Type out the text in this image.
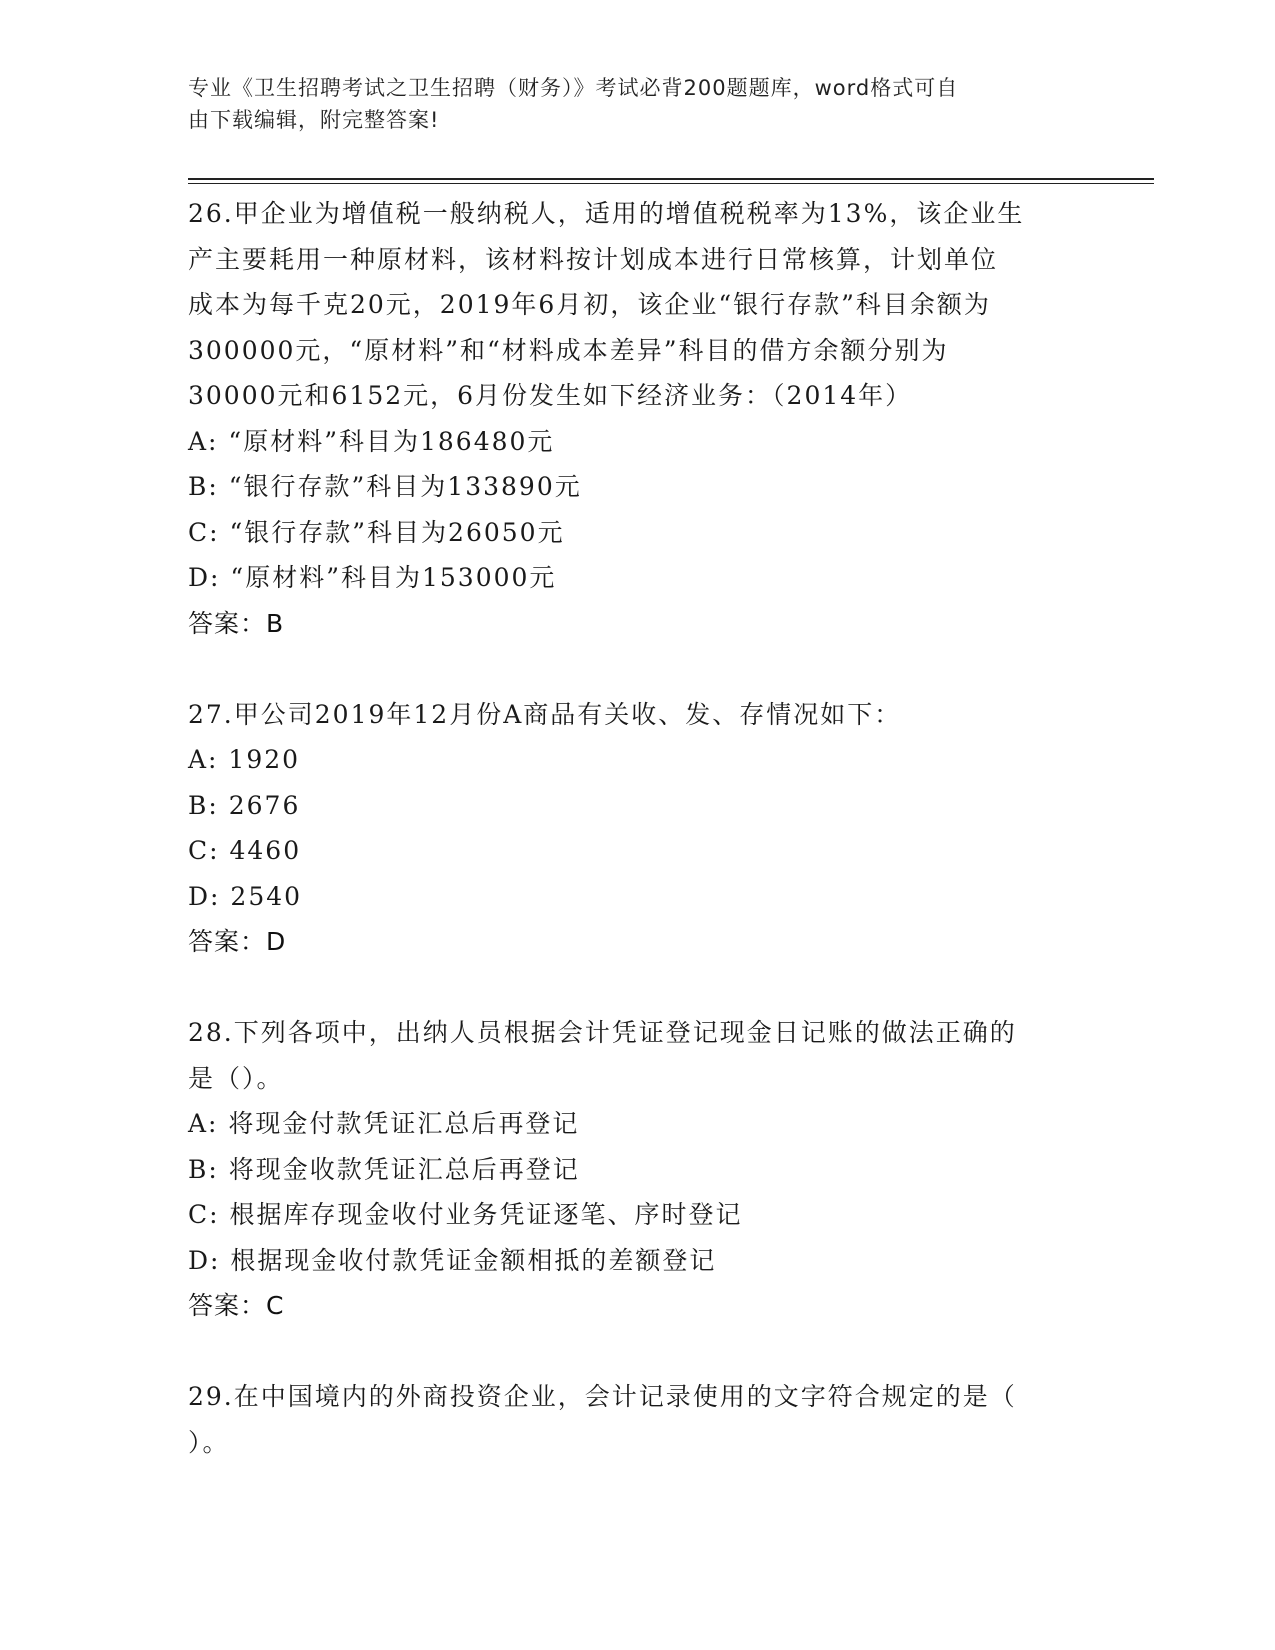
专业《卫生招聘考试之卫生招聘（财务）》考试必背200题题库，word格式可自
由下载编辑，附完整答案!
26.甲企业为增值税一般纳税人，适用的增值税税率为13%，该企业生
产主要耗用一种原材料，该材料按计划成本进行日常核算，计划单位
成本为每千克20元，2019年6月初，该企业“银行存款”科目余额为
300000元，“原材料”和“材料成本差异”科目的借方余额分别为
30000元和6152元，6月份发生如下经济业务：（2014年）
A: “原材料”科目为186480元
B: “银行存款”科目为133890元
C: “银行存款”科目为26050元
D: “原材料”科目为153000元
答案：B
27.甲公司2019年12月份A商品有关收、发、存情况如下：
A: 1920
B: 2676
C: 4460
D: 2540
答案：D
28.下列各项中，出纳人员根据会计凭证登记现金日记账的做法正确的
是（）。
A: 将现金付款凭证汇总后再登记
B: 将现金收款凭证汇总后再登记
C: 根据库存现金收付业务凭证逐笔、序时登记
D: 根据现金收付款凭证金额相抵的差额登记
答案：C
29.在中国境内的外商投资企业，会计记录使用的文字符合规定的是（
）。
